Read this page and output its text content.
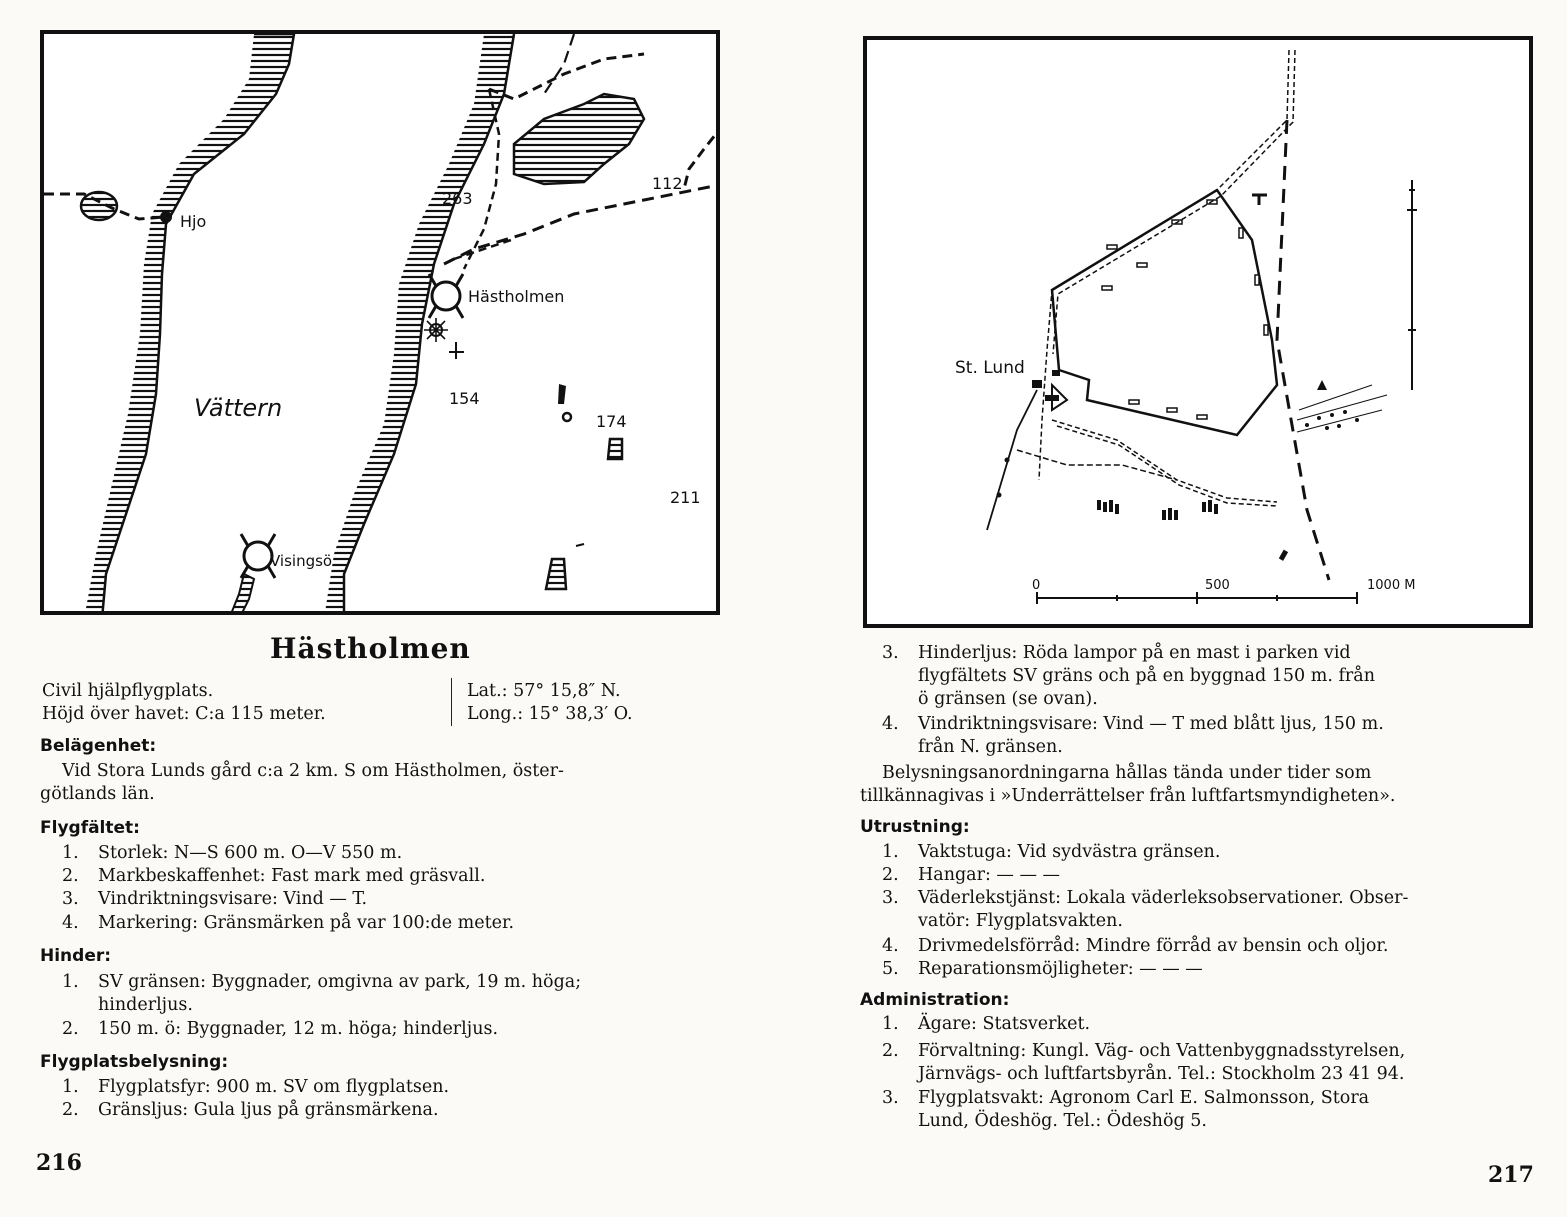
Hjo
Hästholmen
Vättern
Visingsö
263
112
154
174
211
Hästholmen
Civil hjälpflygplats.
Höjd över havet: C:a 115 meter.
Lat.: 57° 15,8″ N.
Long.: 15° 38,3′ O.
Belägenhet:
Vid Stora Lunds gård c:a 2 km. S om Hästholmen, öster-
götlands län.
Flygfältet:
1. Storlek: N—S 600 m. O—V 550 m.
2. Markbeskaffenhet: Fast mark med gräsvall.
3. Vindriktningsvisare: Vind — T.
4. Markering: Gränsmärken på var 100:de meter.
Hinder:
1. SV gränsen: Byggnader, omgivna av park, 19 m. höga;
hinderljus.
2. 150 m. ö: Byggnader, 12 m. höga; hinderljus.
Flygplatsbelysning:
1. Flygplatsfyr: 900 m. SV om flygplatsen.
2. Gränsljus: Gula ljus på gränsmärkena.
216
St. Lund
0	500	1000 M
3. Hinderljus: Röda lampor på en mast i parken vid
flygfältets SV gräns och på en byggnad 150 m. från
ö gränsen (se ovan).
4. Vindriktningsvisare: Vind — T med blått ljus, 150 m.
från N. gränsen.
Belysningsanordningarna hållas tända under tider som
tillkännagivas i »Underrättelser från luftfartsmyndigheten».
Utrustning:
1. Vaktstuga: Vid sydvästra gränsen.
2. Hangar: — — —
3. Väderlekstjänst: Lokala väderleksobservationer. Obser-
vatör: Flygplatsvakten.
4. Drivmedelsförråd: Mindre förråd av bensin och oljor.
5. Reparationsmöjligheter: — — —
Administration:
1. Ägare: Statsverket.
2. Förvaltning: Kungl. Väg- och Vattenbyggnadsstyrelsen,
Järnvägs- och luftfartsbyrån. Tel.: Stockholm 23 41 94.
3. Flygplatsvakt: Agronom Carl E. Salmonsson, Stora
Lund, Ödeshög. Tel.: Ödeshög 5.
217
